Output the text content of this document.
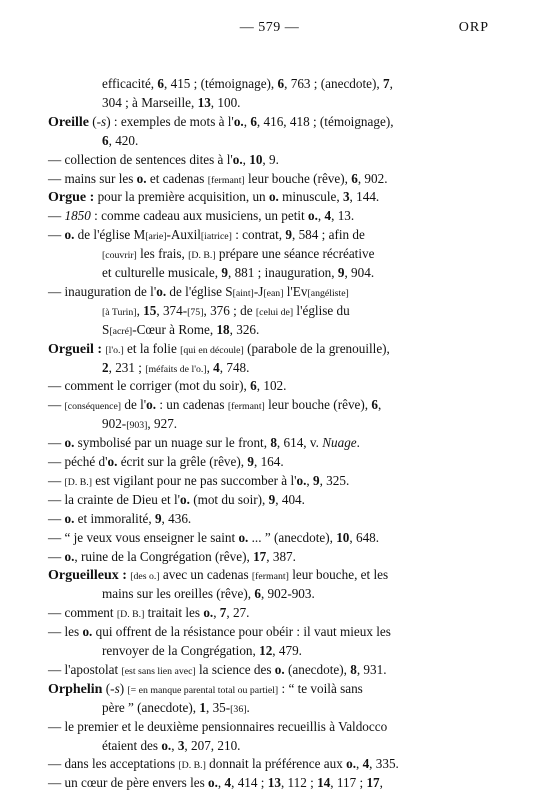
— 579 —	ORP
efficacité, 6, 415 ; (témoignage), 6, 763 ; (anecdote), 7,
304 ; à Marseille, 13, 100.
Oreille (-s) : exemples de mots à l'o., 6, 416, 418 ; (témoignage),
6, 420.
— collection de sentences dites à l'o., 10, 9.
— mains sur les o. et cadenas [fermant] leur bouche (rêve), 6, 902.
Orgue : pour la première acquisition, un o. minuscule, 3, 144.
— 1850 : comme cadeau aux musiciens, un petit o., 4, 13.
— o. de l'église M[arie]-Auxil[iatrice] : contrat, 9, 584 ; afin de
[couvrir] les frais, [D. B.] prépare une séance récréative
et culturelle musicale, 9, 881 ; inauguration, 9, 904.
— inauguration de l'o. de l'église S[aint]-J[ean] l'Ev[angéliste]
[à Turin], 15, 374-[75], 376 ; de [celui de] l'église du
S[acré]-Cœur à Rome, 18, 326.
Orgueil : [l'o.] et la folie [qui en découle] (parabole de la grenouille),
2, 231 ; [méfaits de l'o.], 4, 748.
— comment le corriger (mot du soir), 6, 102.
— [conséquence] de l'o. : un cadenas [fermant] leur bouche (rêve), 6,
902-[903], 927.
— o. symbolisé par un nuage sur le front, 8, 614, v. Nuage.
— péché d'o. écrit sur la grêle (rêve), 9, 164.
— [D. B.] est vigilant pour ne pas succomber à l'o., 9, 325.
— la crainte de Dieu et l'o. (mot du soir), 9, 404.
— o. et immoralité, 9, 436.
— “ je veux vous enseigner le saint o. ... ” (anecdote), 10, 648.
— o., ruine de la Congrégation (rêve), 17, 387.
Orgueilleux : [des o.] avec un cadenas [fermant] leur bouche, et les
mains sur les oreilles (rêve), 6, 902-903.
— comment [D. B.] traitait les o., 7, 27.
— les o. qui offrent de la résistance pour obéir : il vaut mieux les
renvoyer de la Congrégation, 12, 479.
— l'apostolat [est sans lien avec] la science des o. (anecdote), 8, 931.
Orphelin (-s) [= en manque parental total ou partiel] : “ te voilà sans
père ” (anecdote), 1, 35-[36].
— le premier et le deuxième pensionnaires recueillis à Valdocco
étaient des o., 3, 207, 210.
— dans les acceptations [D. B.] donnait la préférence aux o., 4, 335.
— un cœur de père envers les o., 4, 414 ; 13, 112 ; 14, 117 ; 17,
